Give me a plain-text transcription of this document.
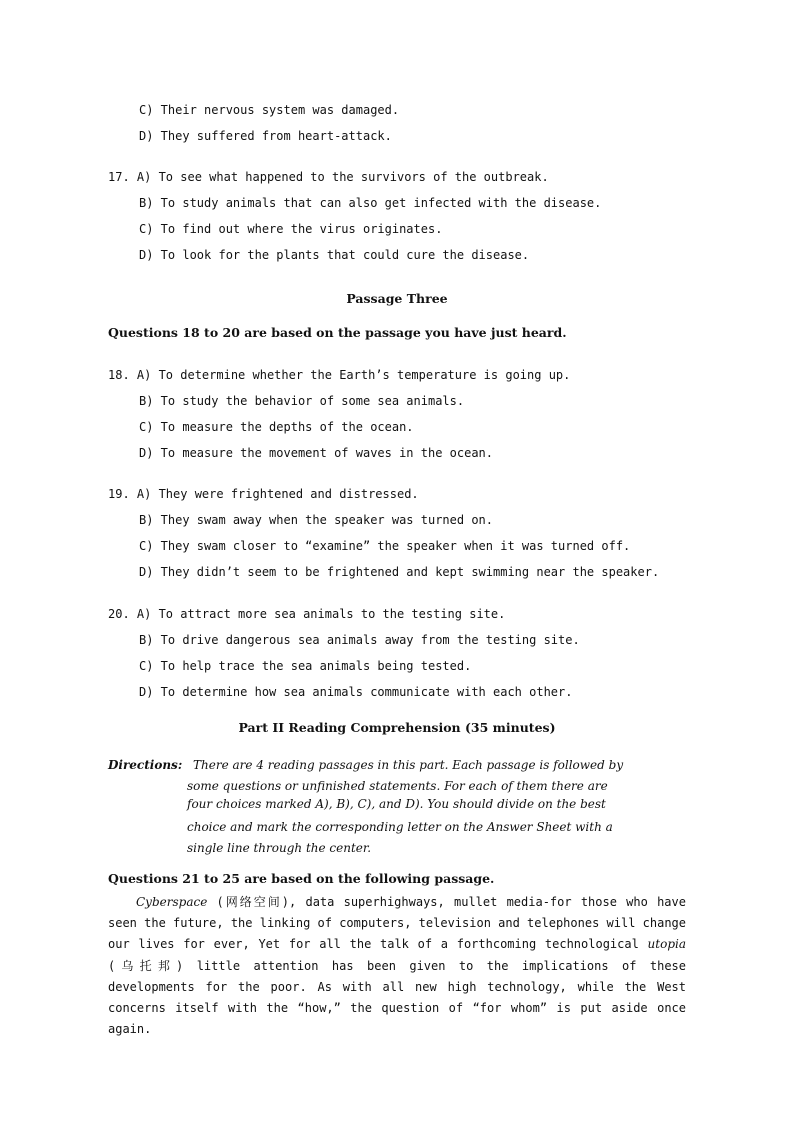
C) Their nervous system was damaged.
D) They suffered from heart-attack.
17. A) To see what happened to the survivors of the outbreak.
B) To study animals that can also get infected with the disease.
C) To find out where the virus originates.
D) To look for the plants that could cure the disease.
Passage Three
Questions 18 to 20 are based on the passage you have just heard.
18. A) To determine whether the Earth’s temperature is going up.
B) To study the behavior of some sea animals.
C) To measure the depths of the ocean.
D) To measure the movement of waves in the ocean.
19. A) They were frightened and distressed.
B) They swam away when the speaker was turned on.
C) They swam closer to “examine” the speaker when it was turned off.
D) They didn’t seem to be frightened and kept swimming near the speaker.
20. A) To attract more sea animals to the testing site.
B) To drive dangerous sea animals away from the testing site.
C) To help trace the sea animals being tested.
D) To determine how sea animals communicate with each other.
Part II Reading Comprehension (35 minutes)
Directions: There are 4 reading passages in this part. Each passage is followed by
some questions or unfinished statements. For each of them there are
four choices marked A), B), C), and D). You should divide on the best
choice and mark the corresponding letter on the Answer Sheet with a
single line through the center.
Questions 21 to 25 are based on the following passage.
Cyberspace (网络空间), data superhighways, mullet media-for those who have seen the future, the linking of computers, television and telephones will change our lives for ever, Yet for all the talk of a forthcoming technological utopia (乌托邦) little attention has been given to the implications of these developments for the poor. As with all new high technology, while the West concerns itself with the “how,” the question of “for whom” is put aside once again.
